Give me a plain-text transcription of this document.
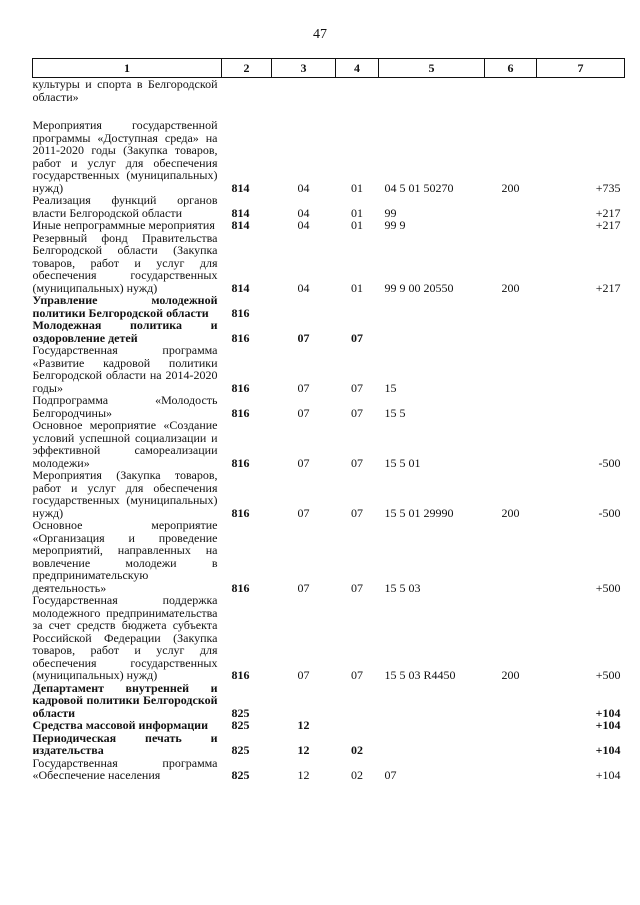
47
1	2	3	4	5	6	7
культуры и спорта в Белгородской области»						

Мероприятия государственной программы «Доступная среда» на 2011-2020 годы (Закупка товаров, работ и услуг для обеспечения государственных (муниципальных) нужд)	814	04	01	04 5 01 50270	200	+735
Реализация функций органов власти Белгородской области	814	04	01	99		+217
Иные непрограммные мероприятия	814	04	01	99 9		+217
Резервный фонд Правительства Белгородской области (Закупка товаров, работ и услуг для обеспечения государственных (муниципальных) нужд)	814	04	01	99 9 00 20550	200	+217
Управление молодежной политики Белгородской области	816					
Молодежная политика и оздоровление детей	816	07	07			
Государственная программа «Развитие кадровой политики Белгородской области на 2014-2020 годы»	816	07	07	15		
Подпрограмма «Молодость Белгородчины»	816	07	07	15 5		
Основное мероприятие «Создание условий успешной социализации и эффективной самореализации молодежи»	816	07	07	15 5 01		-500
Мероприятия (Закупка товаров, работ и услуг для обеспечения государственных (муниципальных) нужд)	816	07	07	15 5 01 29990	200	-500
Основное мероприятие «Организация и проведение мероприятий, направленных на вовлечение молодежи в предпринимательскую деятельность»	816	07	07	15 5 03		+500
Государственная поддержка молодежного предпринимательства за счет средств бюджета субъекта Российской Федерации (Закупка товаров, работ и услуг для обеспечения государственных (муниципальных) нужд)	816	07	07	15 5 03 R4450	200	+500
Департамент внутренней и кадровой политики Белгородской области	825					+104
Средства массовой информации	825	12				+104
Периодическая печать и издательства	825	12	02			+104
Государственная программа «Обеспечение населения	825	12	02	07		+104
